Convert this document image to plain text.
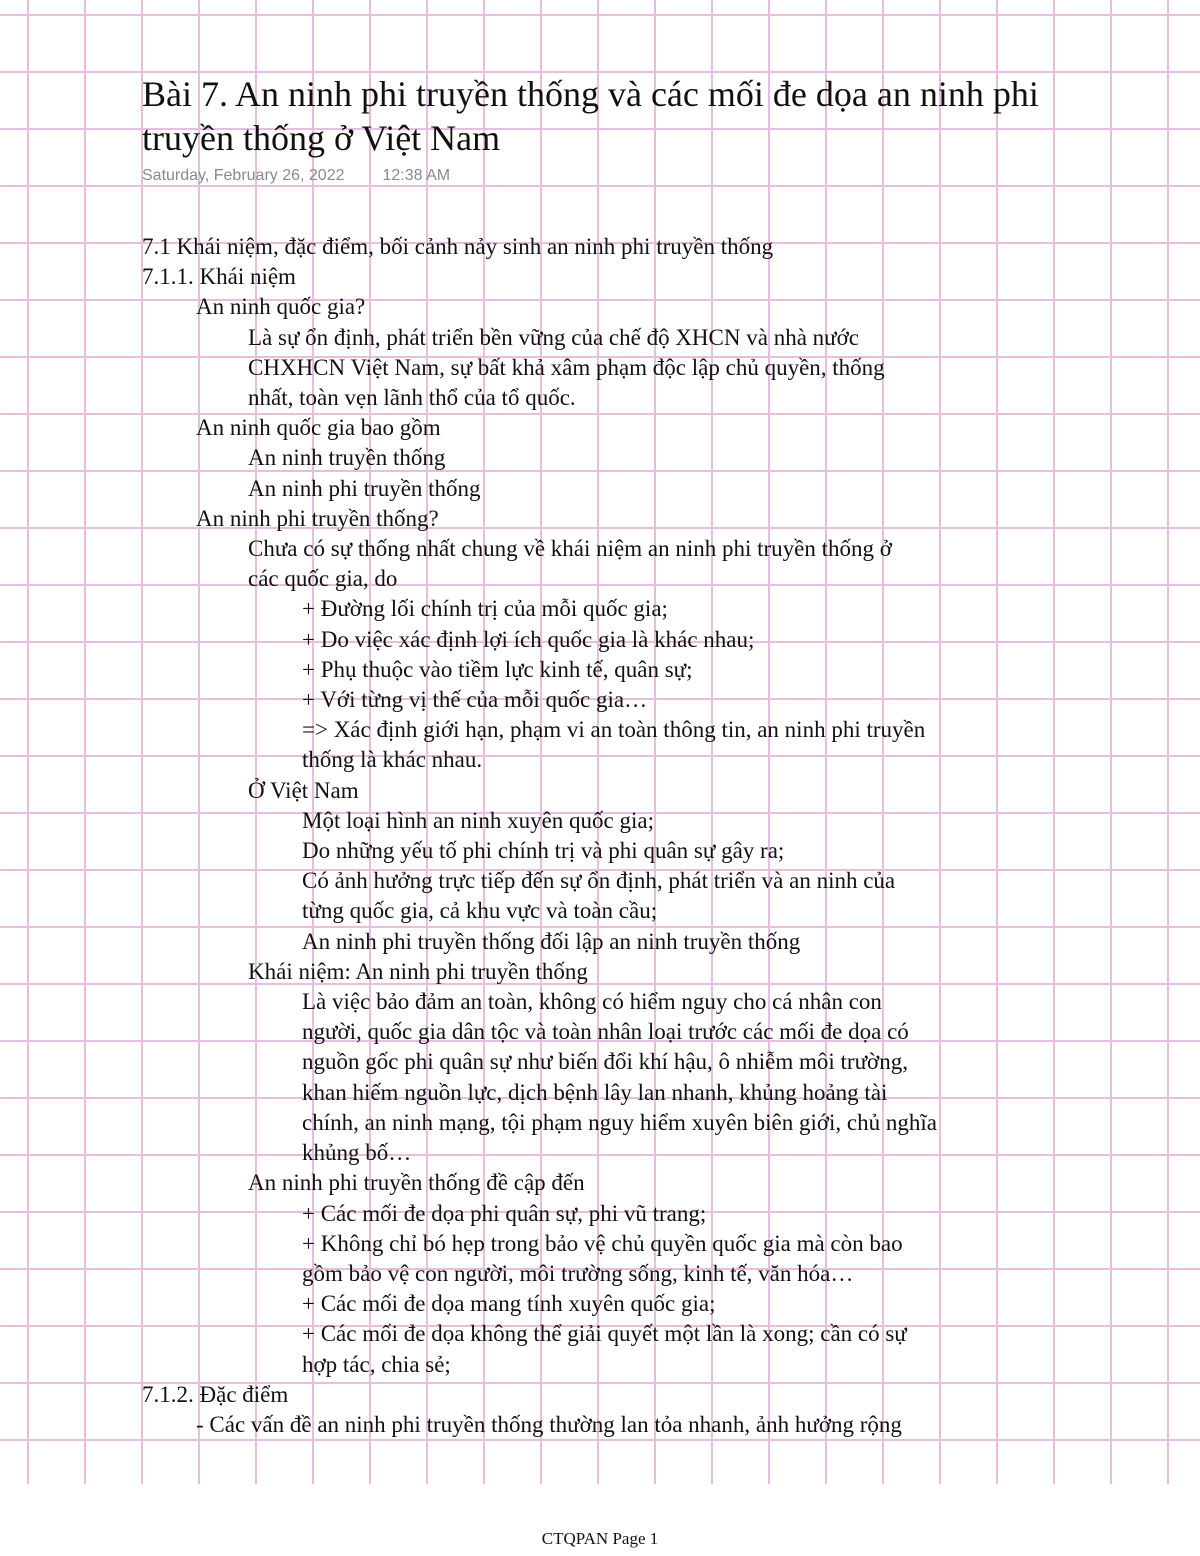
Bài 7. An ninh phi truyền thống và các mối đe dọa an ninh phi truyền thống ở Việt Nam
Saturday, February 26, 2022 12:38 AM
7.1 Khái niệm, đặc điểm, bối cảnh nảy sinh an ninh phi truyền thống
7.1.1. Khái niệm
An ninh quốc gia?
Là sự ổn định, phát triển bền vững của chế độ XHCN và nhà nước
CHXHCN Việt Nam, sự bất khả xâm phạm độc lập chủ quyền, thống
nhất, toàn vẹn lãnh thổ của tổ quốc.
An ninh quốc gia bao gồm
An ninh truyền thống
An ninh phi truyền thống
An ninh phi truyền thống?
Chưa có sự thống nhất chung về khái niệm an ninh phi truyền thống ở
các quốc gia, do
+ Đường lối chính trị của mỗi quốc gia;
+ Do việc xác định lợi ích quốc gia là khác nhau;
+ Phụ thuộc vào tiềm lực kinh tế, quân sự;
+ Với từng vị thế của mỗi quốc gia…
=> Xác định giới hạn, phạm vi an toàn thông tin, an ninh phi truyền
thống là khác nhau.
Ở Việt Nam
Một loại hình an ninh xuyên quốc gia;
Do những yếu tố phi chính trị và phi quân sự gây ra;
Có ảnh hưởng trực tiếp đến sự ổn định, phát triển và an ninh của
từng quốc gia, cả khu vực và toàn cầu;
An ninh phi truyền thống đối lập an ninh truyền thống
Khái niệm: An ninh phi truyền thống
Là việc bảo đảm an toàn, không có hiểm nguy cho cá nhân con
người, quốc gia dân tộc và toàn nhân loại trước các mối đe dọa có
nguồn gốc phi quân sự như biến đổi khí hậu, ô nhiễm môi trường,
khan hiếm nguồn lực, dịch bệnh lây lan nhanh, khủng hoảng tài
chính, an ninh mạng, tội phạm nguy hiểm xuyên biên giới, chủ nghĩa
khủng bố…
An ninh phi truyền thống đề cập đến
+ Các mối đe dọa phi quân sự, phi vũ trang;
+ Không chỉ bó hẹp trong bảo vệ chủ quyền quốc gia mà còn bao
gồm bảo vệ con người, môi trường sống, kinh tế, văn hóa…
+ Các mối đe dọa mang tính xuyên quốc gia;
+ Các mối đe dọa không thể giải quyết một lần là xong; cần có sự
hợp tác, chia sẻ;
7.1.2. Đặc điểm
- Các vấn đề an ninh phi truyền thống thường lan tỏa nhanh, ảnh hưởng rộng
CTQPAN Page 1
